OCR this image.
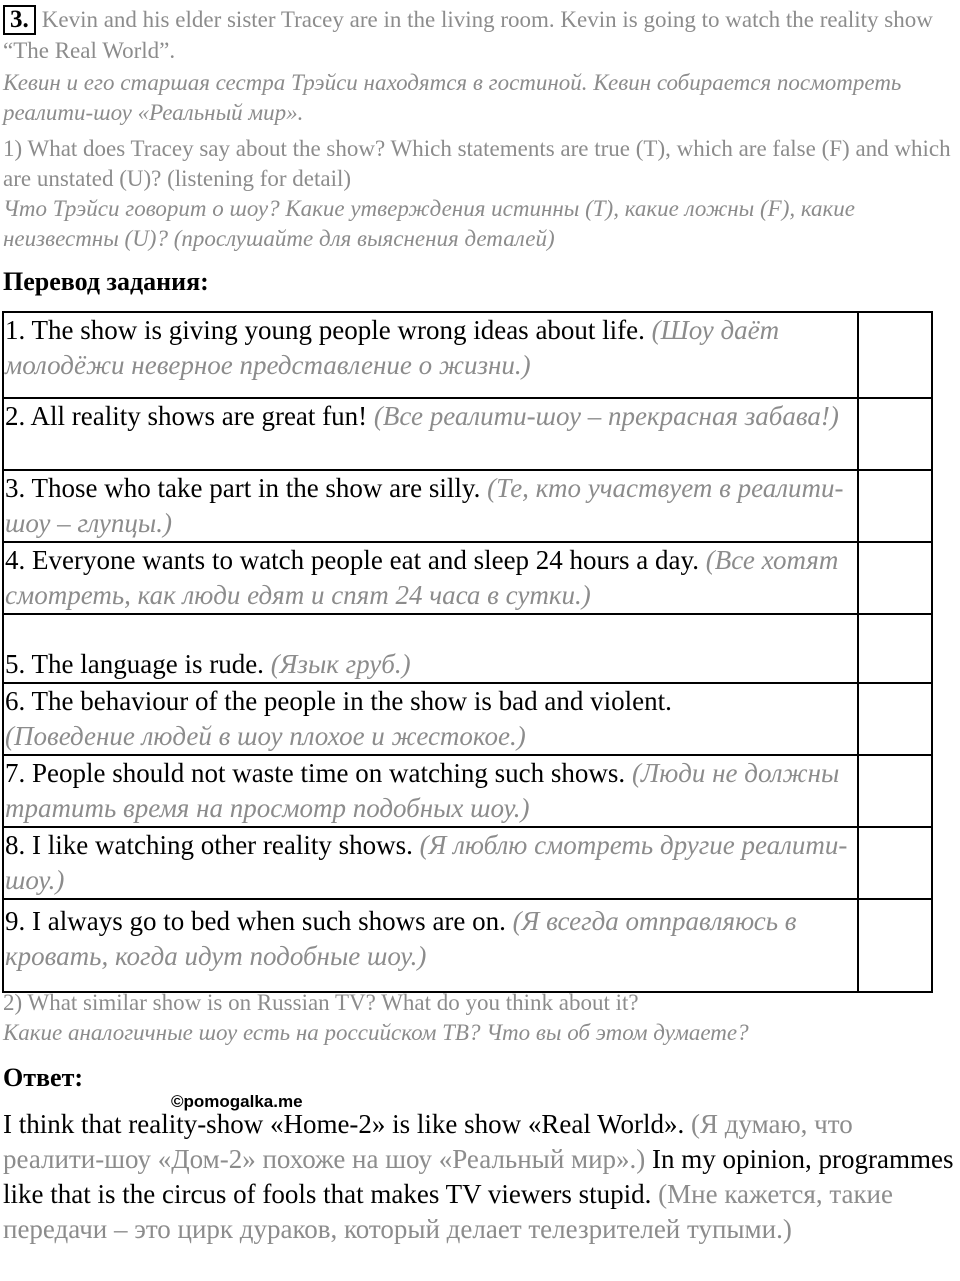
3. Kevin and his elder sister Tracey are in the living room. Kevin is going to watch the reality show “The Real World”.
Кевин и его старшая сестра Трэйси находятся в гостиной. Кевин собирается посмотреть реалити-шоу «Реальный мир».
1) What does Tracey say about the show? Which statements are true (T), which are false (F) and which are unstated (U)? (listening for detail)
Что Трэйси говорит о шоу? Какие утверждения истинны (T), какие ложны (F), какие неизвестны (U)? (прослушайте для выяснения деталей)
Перевод задания:
1. The show is giving young people wrong ideas about life. (Шоу даёт молодёжи неверное представление о жизни.)	
2. All reality shows are great fun! (Все реалити-шоу – прекрасная забава!)	
3. Those who take part in the show are silly. (Те, кто участвует в реалити-шоу – глупцы.)	
4. Everyone wants to watch people eat and sleep 24 hours a day. (Все хотят смотреть, как люди едят и спят 24 часа в сутки.)	
5. The language is rude. (Язык груб.)	
6. The behaviour of the people in the show is bad and violent.
(Поведение людей в шоу плохое и жестокое.)	
7. People should not waste time on watching such shows. (Люди не должны тратить время на просмотр подобных шоу.)	
8. I like watching other reality shows. (Я люблю смотреть другие реалити-шоу.)	
9. I always go to bed when such shows are on. (Я всегда отправляюсь в кровать, когда идут подобные шоу.)	
2) What similar show is on Russian TV? What do you think about it?
Какие аналогичные шоу есть на российском ТВ? Что вы об этом думаете?
Ответ:
©pomogalka.me
I think that reality-show «Home-2» is like show «Real World». (Я думаю, что реалити-шоу «Дом-2» похоже на шоу «Реальный мир».) In my opinion, programmes like that is the circus of fools that makes TV viewers stupid. (Мне кажется, такие передачи – это цирк дураков, который делает телезрителей тупыми.)
